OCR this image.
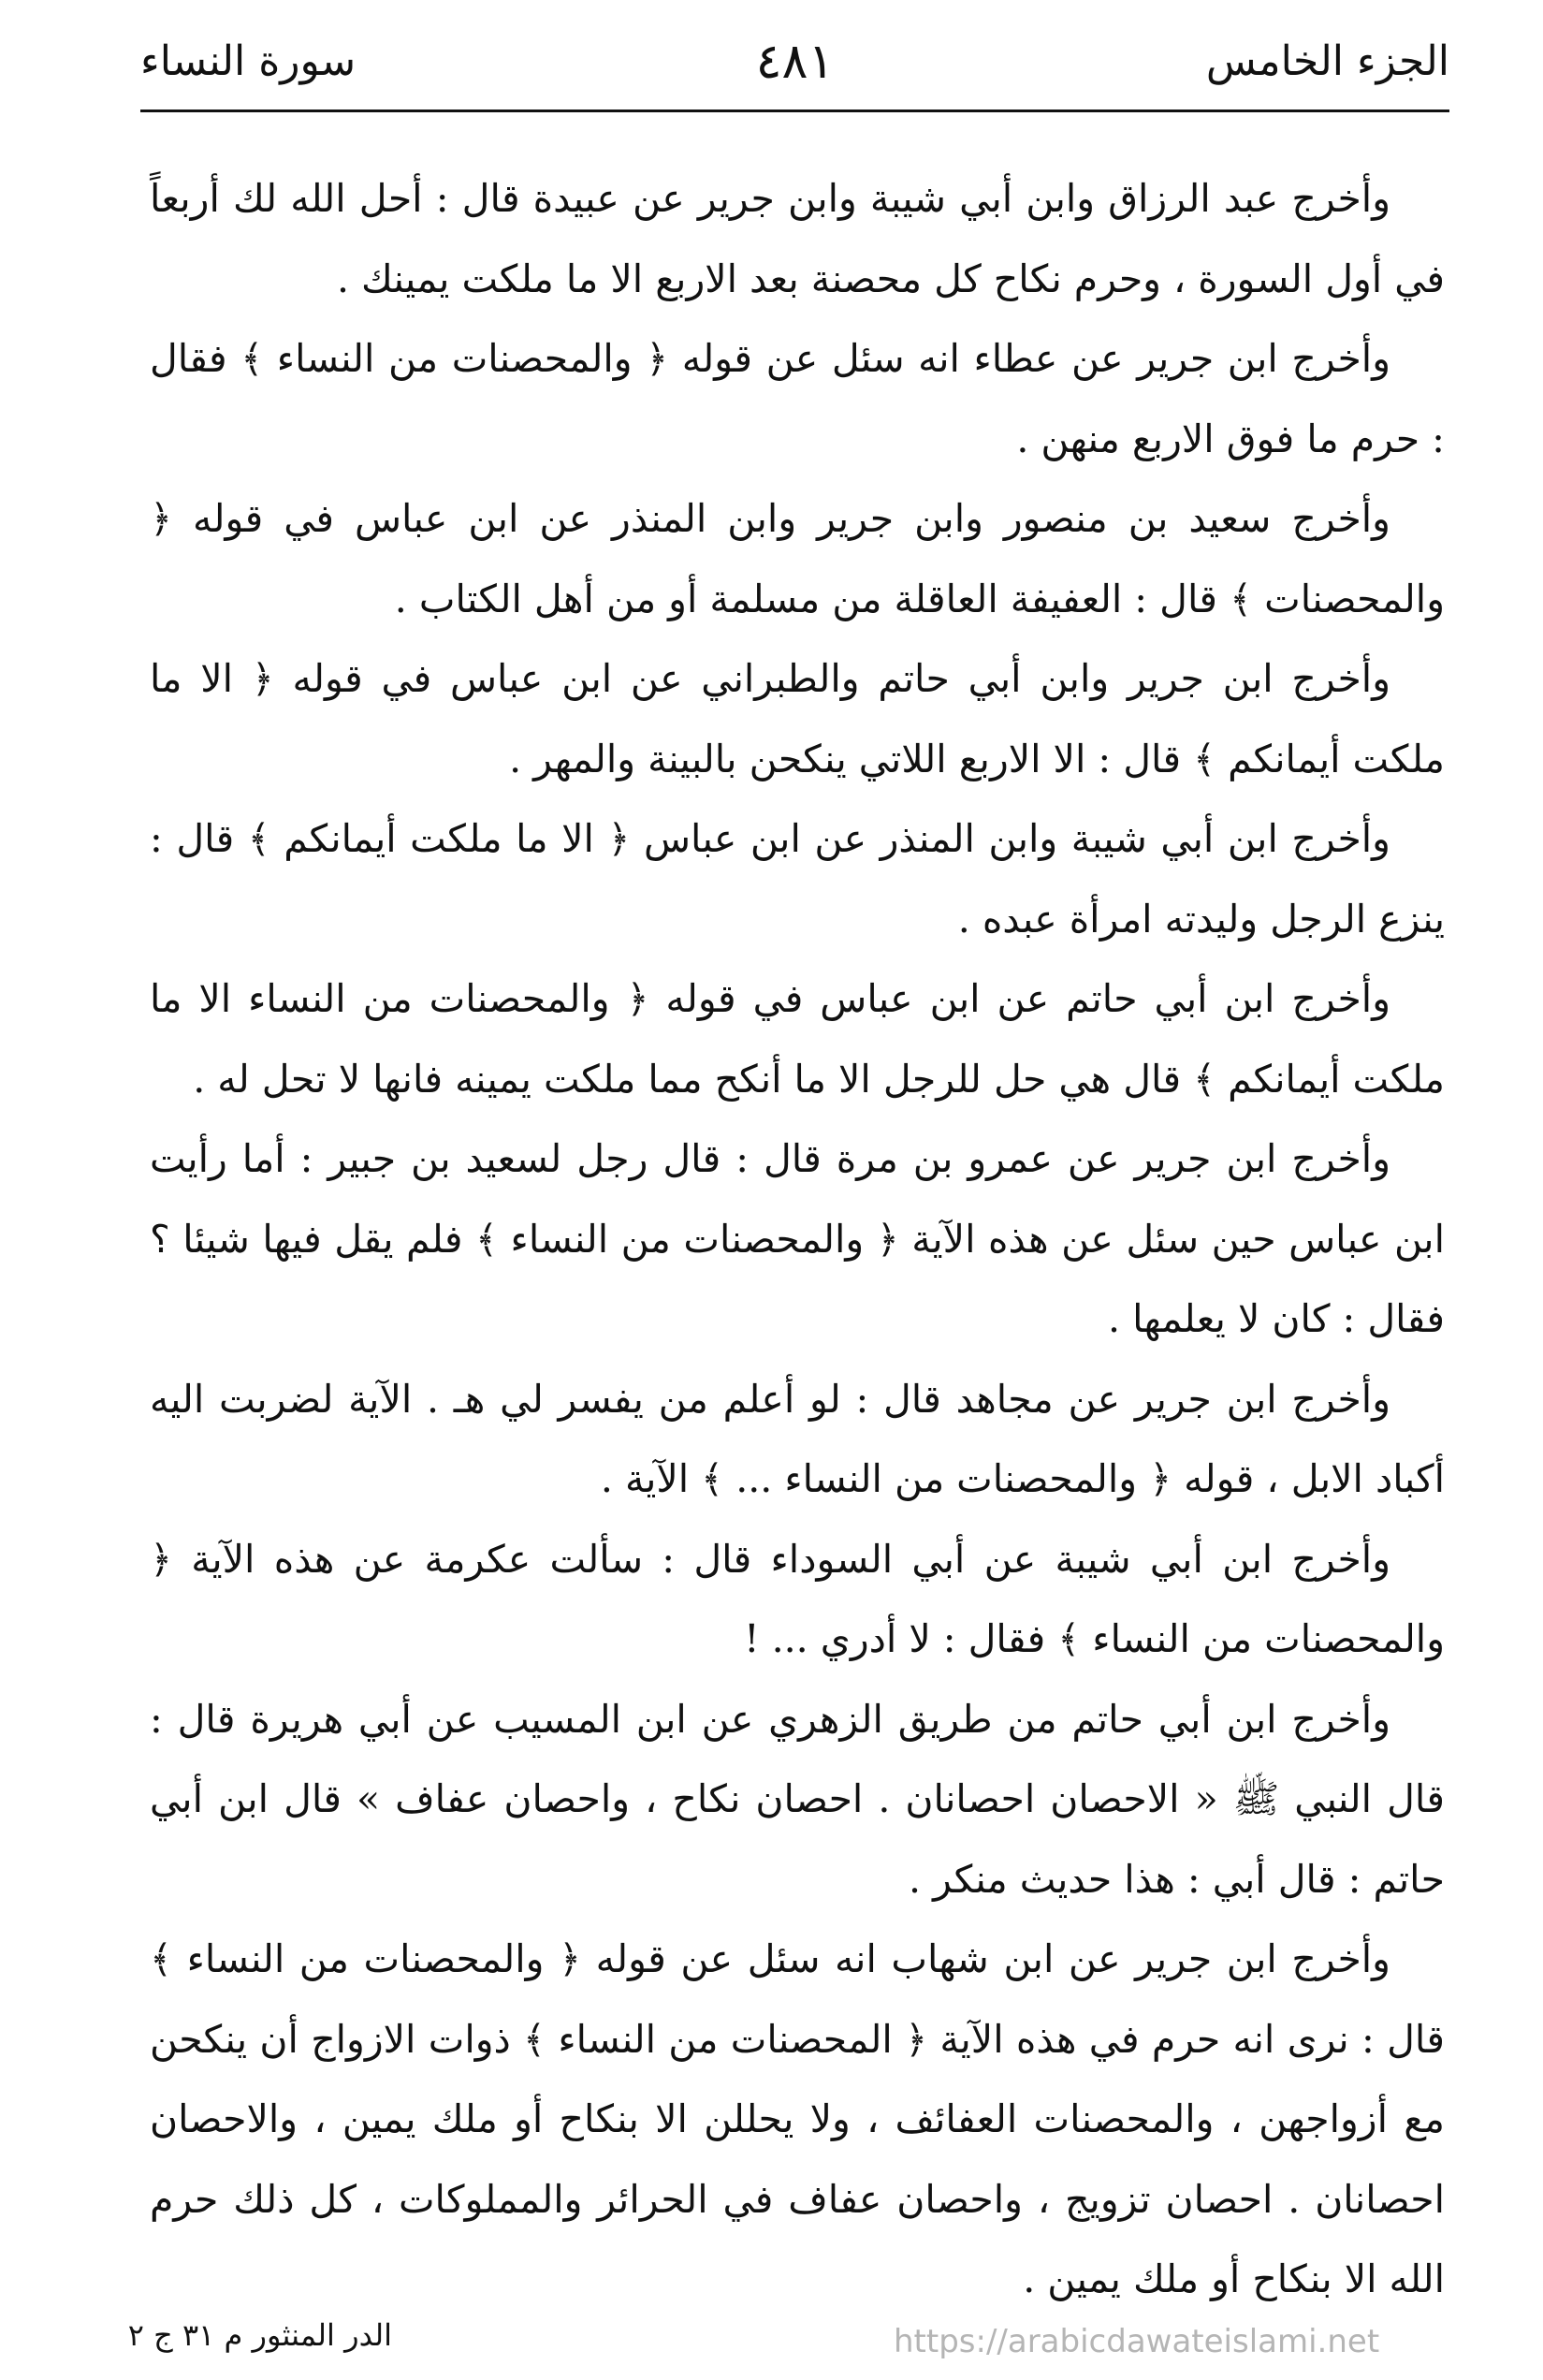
الجزء الخامس
٤٨١
سورة النساء

وأخرج عبد الرزاق وابن أبي شيبة وابن جرير عن عبيدة قال : أحل الله لك أربعاً في أول السورة ، وحرم نكاح كل محصنة بعد الاربع الا ما ملكت يمينك .

وأخرج ابن جرير عن عطاء انه سئل عن قوله ﴿ والمحصنات من النساء ﴾ فقال : حرم ما فوق الاربع منهن .

وأخرج سعيد بن منصور وابن جرير وابن المنذر عن ابن عباس في قوله ﴿ والمحصنات ﴾ قال : العفيفة العاقلة من مسلمة أو من أهل الكتاب .

وأخرج ابن جرير وابن أبي حاتم والطبراني عن ابن عباس في قوله ﴿ الا ما ملكت أيمانكم ﴾ قال : الا الاربع اللاتي ينكحن بالبينة والمهر .

وأخرج ابن أبي شيبة وابن المنذر عن ابن عباس ﴿ الا ما ملكت أيمانكم ﴾ قال : ينزع الرجل وليدته امرأة عبده .

وأخرج ابن أبي حاتم عن ابن عباس في قوله ﴿ والمحصنات من النساء الا ما ملكت أيمانكم ﴾ قال هي حل للرجل الا ما أنكح مما ملكت يمينه فانها لا تحل له .

وأخرج ابن جرير عن عمرو بن مرة قال : قال رجل لسعيد بن جبير : أما رأيت ابن عباس حين سئل عن هذه الآية ﴿ والمحصنات من النساء ﴾ فلم يقل فيها شيئا ؟ فقال : كان لا يعلمها .

وأخرج ابن جرير عن مجاهد قال : لو أعلم من يفسر لي هـ . الآية لضربت اليه أكباد الابل ، قوله ﴿ والمحصنات من النساء ... ﴾ الآية .

وأخرج ابن أبي شيبة عن أبي السوداء قال : سألت عكرمة عن هذه الآية ﴿ والمحصنات من النساء ﴾ فقال : لا أدري ... !

وأخرج ابن أبي حاتم من طريق الزهري عن ابن المسيب عن أبي هريرة قال : قال النبي ﷺ « الاحصان احصانان . احصان نكاح ، واحصان عفاف » قال ابن أبي حاتم : قال أبي : هذا حديث منكر .

وأخرج ابن جرير عن ابن شهاب انه سئل عن قوله ﴿ والمحصنات من النساء ﴾ قال : نرى انه حرم في هذه الآية ﴿ المحصنات من النساء ﴾ ذوات الازواج أن ينكحن مع أزواجهن ، والمحصنات العفائف ، ولا يحللن الا بنكاح أو ملك يمين ، والاحصان احصانان . احصان تزويج ، واحصان عفاف في الحرائر والمملوكات ، كل ذلك حرم الله الا بنكاح أو ملك يمين .

الدر المنثور م ٣١ ج ٢	https://arabicdawateislami.net
